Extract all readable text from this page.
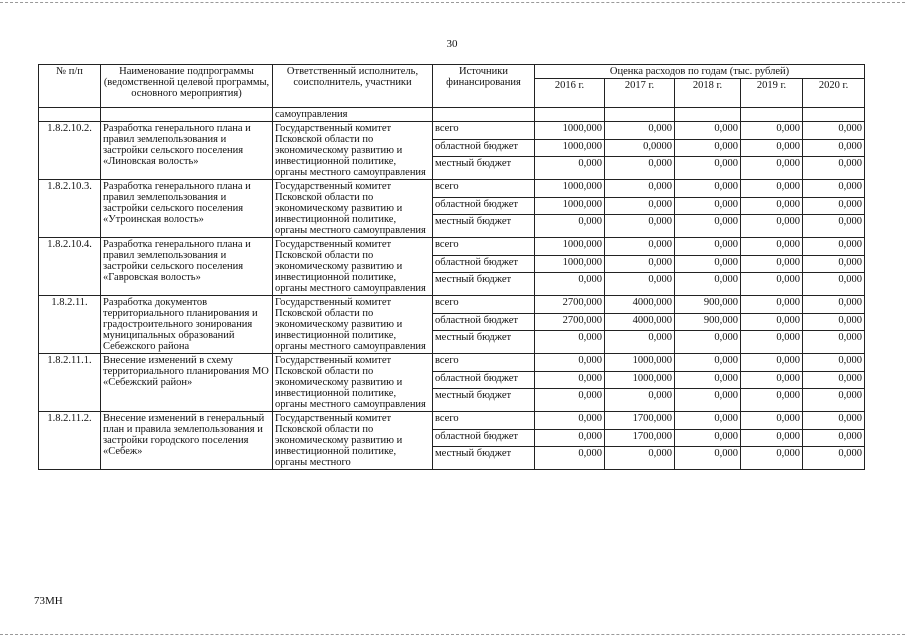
30
№ п/п	Наименование подпрограммы (ведомственной целевой программы, основного мероприятия)	Ответственный исполнитель, соисполнитель, участники	Источники финансирования	Оценка расходов по годам (тыс. рублей)				
				2016 г.	2017 г.	2018 г.	2019 г.	2020 г.
		самоуправления						
1.8.2.10.2.	Разработка генерального плана и правил землепользования и застройки сельского поселения «Линовская волость»	Государственный комитет Псковской области по экономическому развитию и инвестиционной политике, органы местного самоуправления	всего	1000,000	0,000	0,000	0,000	0,000
			областной бюджет	1000,000	0,0000	0,000	0,000	0,000
			местный бюджет	0,000	0,000	0,000	0,000	0,000
1.8.2.10.3.	Разработка генерального плана и правил землепользования и застройки сельского поселения «Утроинская волость»	Государственный комитет Псковской области по экономическому развитию и инвестиционной политике, органы местного самоуправления	всего	1000,000	0,000	0,000	0,000	0,000
			областной бюджет	1000,000	0,000	0,000	0,000	0,000
			местный бюджет	0,000	0,000	0,000	0,000	0,000
1.8.2.10.4.	Разработка генерального плана и правил землепользования и застройки сельского поселения «Гавровская волость»	Государственный комитет Псковской области по экономическому развитию и инвестиционной политике, органы местного самоуправления	всего	1000,000	0,000	0,000	0,000	0,000
			областной бюджет	1000,000	0,000	0,000	0,000	0,000
			местный бюджет	0,000	0,000	0,000	0,000	0,000
1.8.2.11.	Разработка документов территориального планирования и градостроительного зонирования муниципальных образований Себежского района	Государственный комитет Псковской области по экономическому развитию и инвестиционной политике, органы местного самоуправления	всего	2700,000	4000,000	900,000	0,000	0,000
			областной бюджет	2700,000	4000,000	900,000	0,000	0,000
			местный бюджет	0,000	0,000	0,000	0,000	0,000
1.8.2.11.1.	Внесение изменений в схему территориального планирования МО «Себежский район»	Государственный комитет Псковской области по экономическому развитию и инвестиционной политике, органы местного самоуправления	всего	0,000	1000,000	0,000	0,000	0,000
			областной бюджет	0,000	1000,000	0,000	0,000	0,000
			местный бюджет	0,000	0,000	0,000	0,000	0,000
1.8.2.11.2.	Внесение изменений в генеральный план и правила землепользования и застройки городского поселения «Себеж»	Государственный комитет Псковской области по экономическому развитию и инвестиционной политике, органы местного	всего	0,000	1700,000	0,000	0,000	0,000
			областной бюджет	0,000	1700,000	0,000	0,000	0,000
			местный бюджет	0,000	0,000	0,000	0,000	0,000
73МН
